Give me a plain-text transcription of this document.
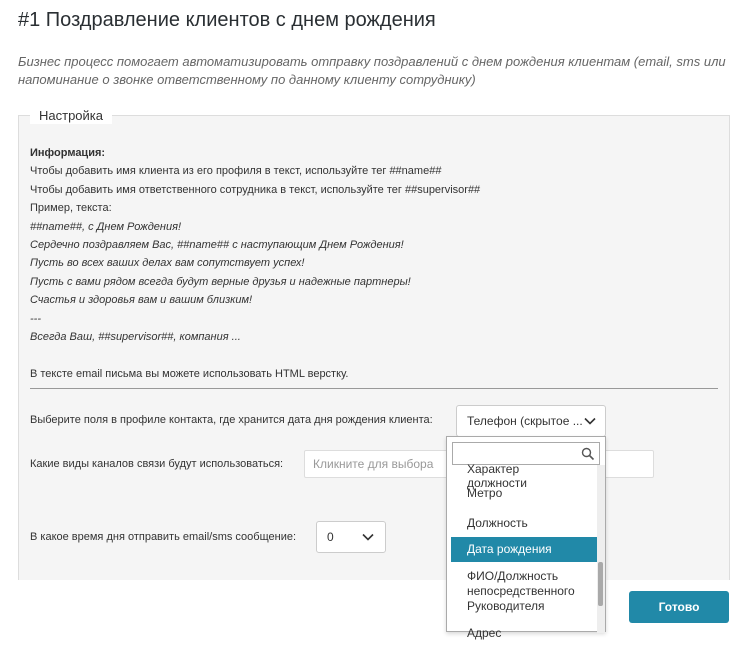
#1 Поздравление клиентов с днем рождения
Бизнес процесс помогает автоматизировать отправку поздравлений с днем рождения клиентам (email, sms или напоминание о звонке ответственному по данному клиенту сотруднику)
Настройка
Информация:
Чтобы добавить имя клиента из его профиля в текст, используйте тег ##name##
Чтобы добавить имя ответственного сотрудника в текст, используйте тег ##supervisor##
Пример, текста:
##name##, с Днем Рождения!
Сердечно поздравляем Вас, ##name## с наступающим Днем Рождения!
Пусть во всех ваших делах вам сопутствует успех!
Пусть с вами рядом всегда будут верные друзья и надежные партнеры!
Счастья и здоровья вам и вашим близким!
---
Всегда Ваш, ##supervisor##, компания ...
В тексте email письма вы можете использовать HTML верстку.
Выберите поля в профиле контакта, где хранится дата дня рождения клиента:	Телефон (скрытое ...
Какие виды каналов связи будут использоваться: Кликните для выбора
В какое время дня отправить email/sms сообщение:	0
Готово
Характер должности
Метро
Должность
Дата рождения
ФИО/Должность непосредственного Руководителя
Адрес
